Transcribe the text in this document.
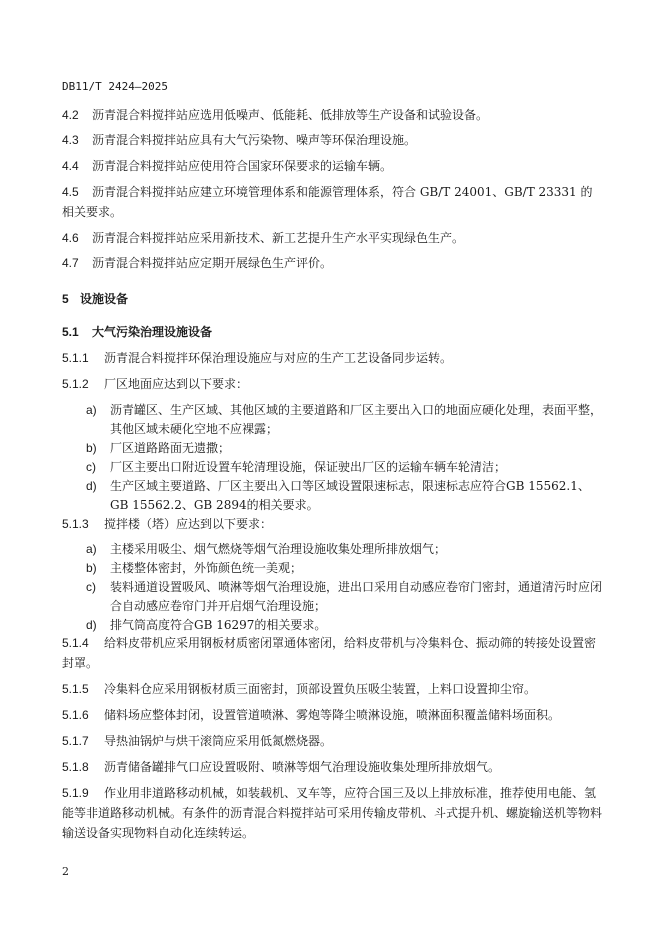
DB11/T 2424—2025
4.2 沥青混合料搅拌站应选用低噪声、低能耗、低排放等生产设备和试验设备。
4.3 沥青混合料搅拌站应具有大气污染物、噪声等环保治理设施。
4.4 沥青混合料搅拌站应使用符合国家环保要求的运输车辆。
4.5 沥青混合料搅拌站应建立环境管理体系和能源管理体系，符合 GB/T 24001、GB/T 23331 的相关要求。
4.6 沥青混合料搅拌站应采用新技术、新工艺提升生产水平实现绿色生产。
4.7 沥青混合料搅拌站应定期开展绿色生产评价。
5 设施设备
5.1 大气污染治理设施设备
5.1.1 沥青混合料搅拌环保治理设施应与对应的生产工艺设备同步运转。
5.1.2 厂区地面应达到以下要求：
a)	沥青罐区、生产区域、其他区域的主要道路和厂区主要出入口的地面应硬化处理，表面平整，其他区域未硬化空地不应裸露；
b)	厂区道路路面无遗撒；
c)	厂区主要出口附近设置车轮清理设施，保证驶出厂区的运输车辆车轮清洁；
d)	生产区域主要道路、厂区主要出入口等区域设置限速标志，限速标志应符合GB 15562.1、GB 15562.2、GB 2894的相关要求。
5.1.3 搅拌楼（塔）应达到以下要求：
a)	主楼采用吸尘、烟气燃烧等烟气治理设施收集处理所排放烟气；
b)	主楼整体密封，外饰颜色统一美观；
c)	装料通道设置吸风、喷淋等烟气治理设施，进出口采用自动感应卷帘门密封，通道清污时应闭合自动感应卷帘门并开启烟气治理设施；
d)	排气筒高度符合GB 16297的相关要求。
5.1.4 给料皮带机应采用钢板材质密闭罩通体密闭，给料皮带机与冷集料仓、振动筛的转接处设置密封罩。
5.1.5 冷集料仓应采用钢板材质三面密封，顶部设置负压吸尘装置，上料口设置抑尘帘。
5.1.6 储料场应整体封闭，设置管道喷淋、雾炮等降尘喷淋设施，喷淋面积覆盖储料场面积。
5.1.7 导热油锅炉与烘干滚筒应采用低氮燃烧器。
5.1.8 沥青储备罐排气口应设置吸附、喷淋等烟气治理设施收集处理所排放烟气。
5.1.9 作业用非道路移动机械，如装载机、叉车等，应符合国三及以上排放标准，推荐使用电能、氢能等非道路移动机械。有条件的沥青混合料搅拌站可采用传输皮带机、斗式提升机、螺旋输送机等物料输送设备实现物料自动化连续转运。
2
